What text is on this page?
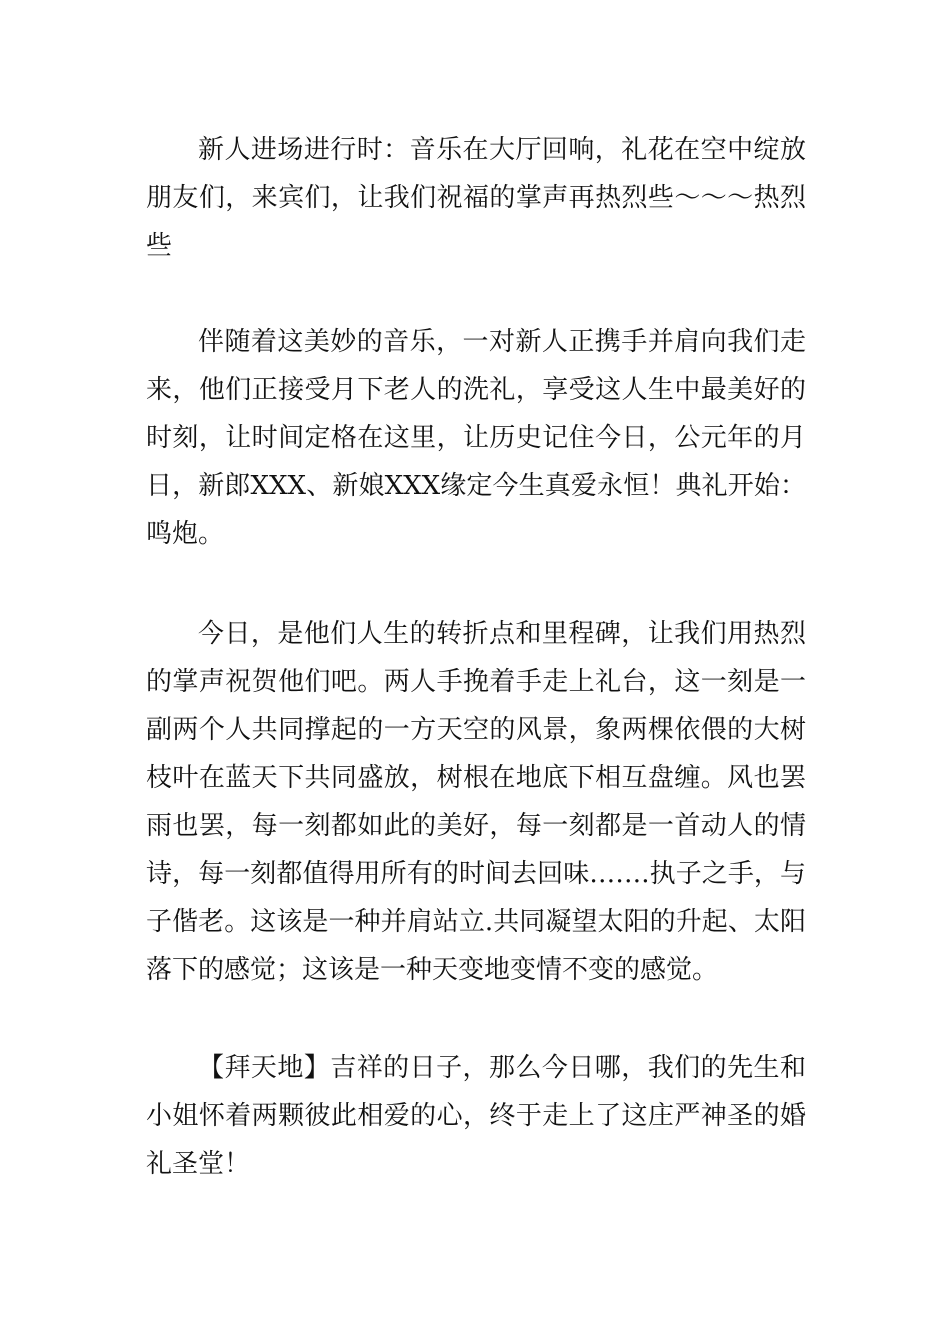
新人进场进行时：音乐在大厅回响，礼花在空中绽放朋友们，来宾们，让我们祝福的掌声再热烈些～～～热烈些

伴随着这美妙的音乐，一对新人正携手并肩向我们走来，他们正接受月下老人的洗礼，享受这人生中最美好的时刻，让时间定格在这里，让历史记住今日，公元年的月日，新郎XXX、新娘XXX缘定今生真爱永恒！典礼开始：鸣炮。

今日，是他们人生的转折点和里程碑，让我们用热烈的掌声祝贺他们吧。两人手挽着手走上礼台，这一刻是一副两个人共同撑起的一方天空的风景，象两棵依偎的大树枝叶在蓝天下共同盛放，树根在地底下相互盘缠。风也罢雨也罢，每一刻都如此的美好，每一刻都是一首动人的情诗，每一刻都值得用所有的时间去回味…….执子之手，与子偕老。这该是一种并肩站立.共同凝望太阳的升起、太阳落下的感觉；这该是一种天变地变情不变的感觉。

【拜天地】吉祥的日子，那么今日哪，我们的先生和小姐怀着两颗彼此相爱的心，终于走上了这庄严神圣的婚礼圣堂！
